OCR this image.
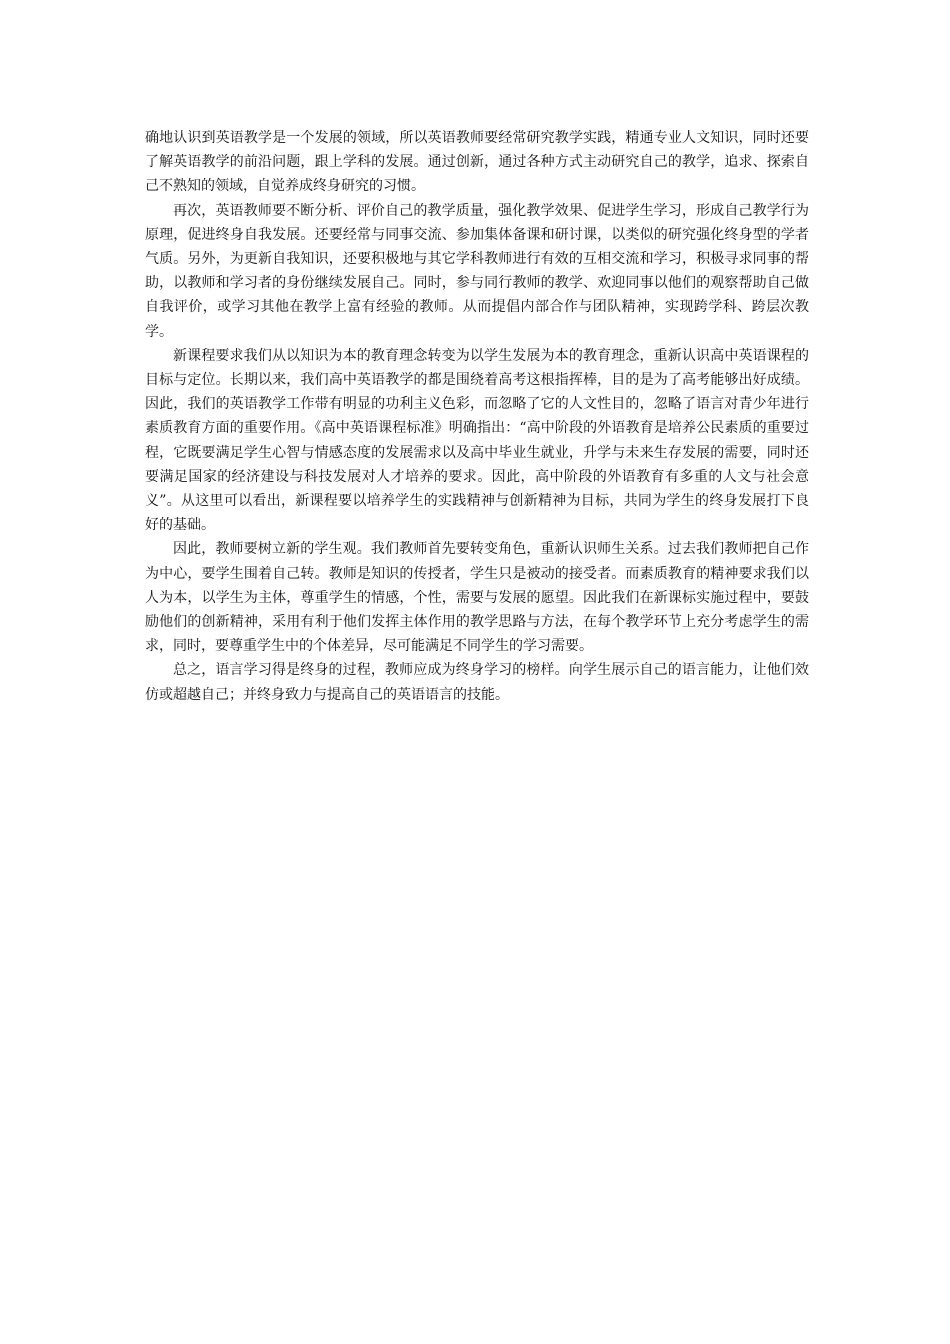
确地认识到英语教学是一个发展的领域，所以英语教师要经常研究教学实践，精通专业人文知识，同时还要了解英语教学的前沿问题，跟上学科的发展。通过创新，通过各种方式主动研究自己的教学，追求、探索自己不熟知的领域，自觉养成终身研究的习惯。

再次，英语教师要不断分析、评价自己的教学质量，强化教学效果、促进学生学习，形成自己教学行为原理，促进终身自我发展。还要经常与同事交流、参加集体备课和研讨课，以类似的研究强化终身型的学者气质。另外，为更新自我知识，还要积极地与其它学科教师进行有效的互相交流和学习，积极寻求同事的帮助，以教师和学习者的身份继续发展自己。同时，参与同行教师的教学、欢迎同事以他们的观察帮助自己做自我评价，或学习其他在教学上富有经验的教师。从而提倡内部合作与团队精神，实现跨学科、跨层次教学。

新课程要求我们从以知识为本的教育理念转变为以学生发展为本的教育理念，重新认识高中英语课程的目标与定位。长期以来，我们高中英语教学的都是围绕着高考这根指挥棒，目的是为了高考能够出好成绩。因此，我们的英语教学工作带有明显的功利主义色彩，而忽略了它的人文性目的，忽略了语言对青少年进行素质教育方面的重要作用。《高中英语课程标准》明确指出：“高中阶段的外语教育是培养公民素质的重要过程，它既要满足学生心智与情感态度的发展需求以及高中毕业生就业，升学与未来生存发展的需要，同时还要满足国家的经济建设与科技发展对人才培养的要求。因此，高中阶段的外语教育有多重的人文与社会意义”。从这里可以看出，新课程要以培养学生的实践精神与创新精神为目标，共同为学生的终身发展打下良好的基础。

因此，教师要树立新的学生观。我们教师首先要转变角色，重新认识师生关系。过去我们教师把自己作为中心，要学生围着自己转。教师是知识的传授者，学生只是被动的接受者。而素质教育的精神要求我们以人为本，以学生为主体，尊重学生的情感，个性，需要与发展的愿望。因此我们在新课标实施过程中，要鼓励他们的创新精神，采用有利于他们发挥主体作用的教学思路与方法，在每个教学环节上充分考虑学生的需求，同时，要尊重学生中的个体差异，尽可能满足不同学生的学习需要。

总之，语言学习得是终身的过程，教师应成为终身学习的榜样。向学生展示自己的语言能力，让他们效仿或超越自己；并终身致力与提高自己的英语语言的技能。
